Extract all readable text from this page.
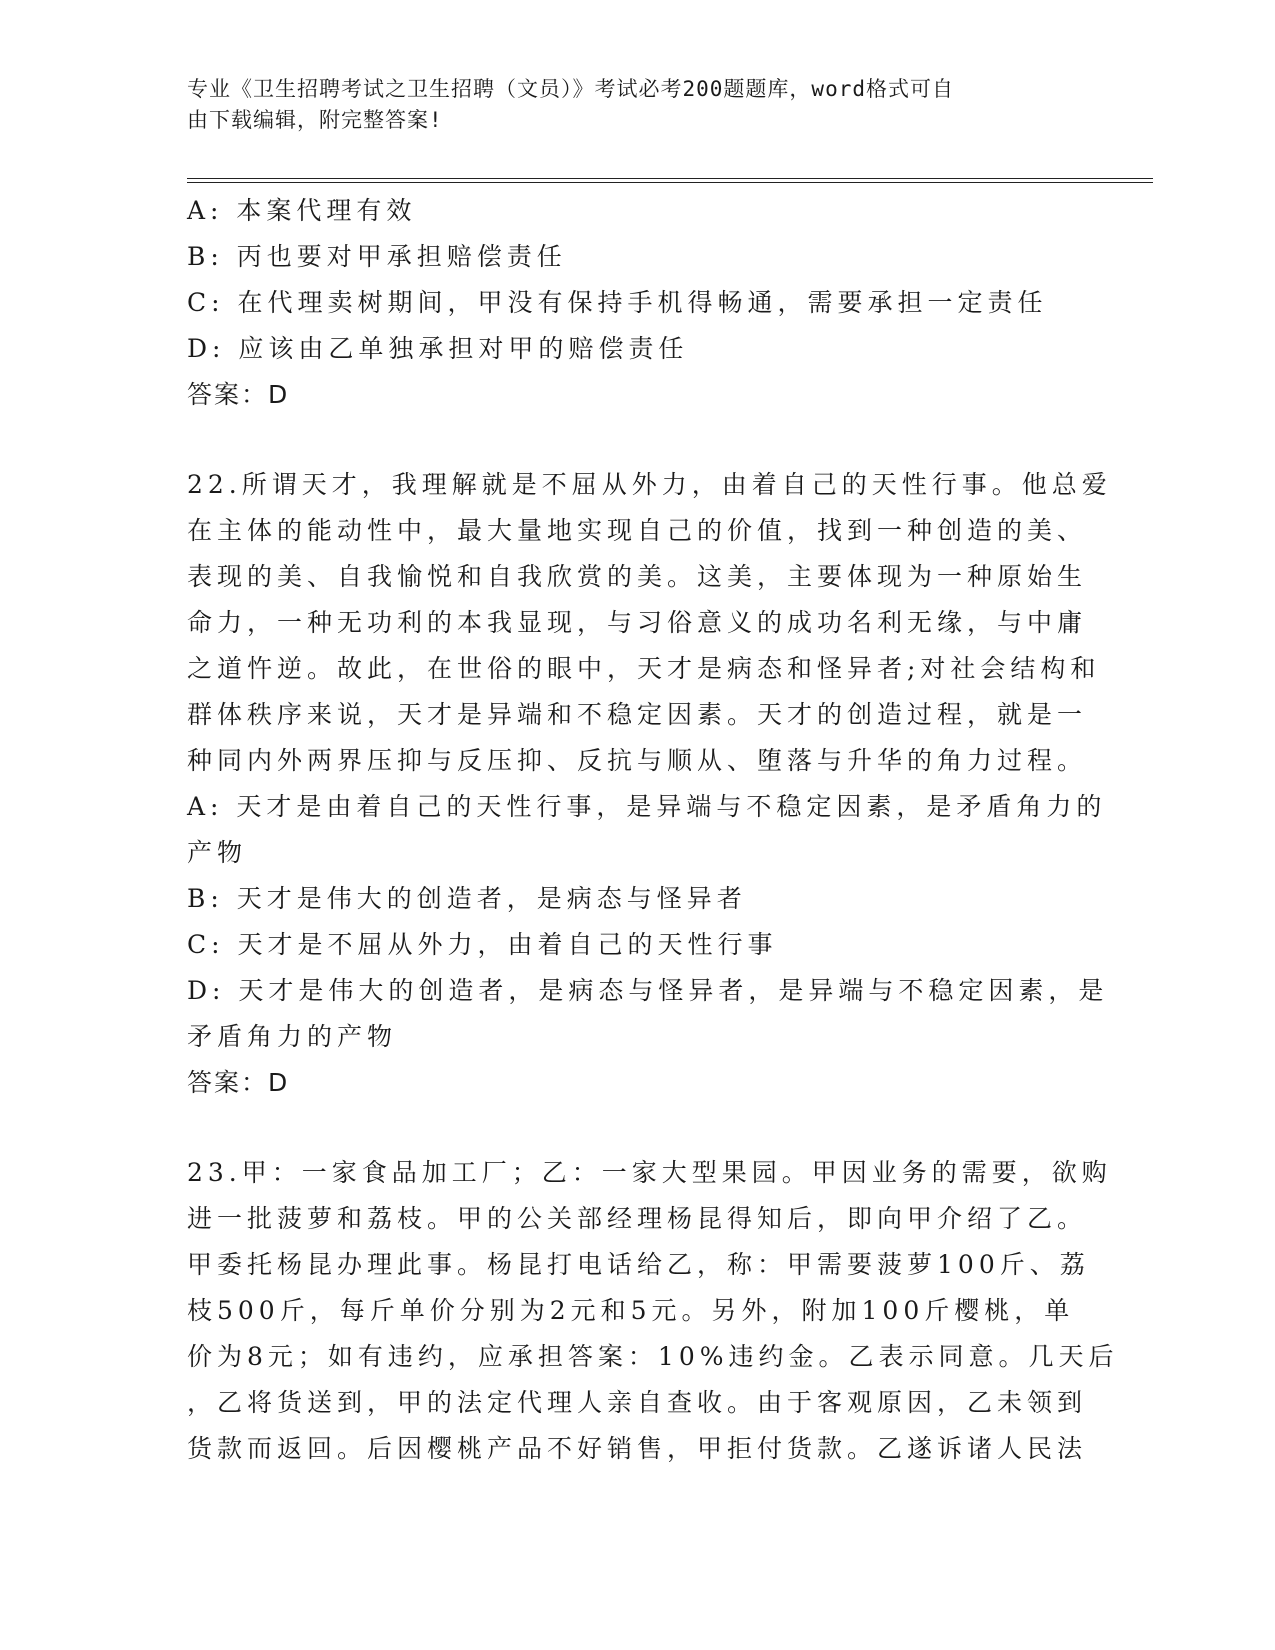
专业《卫生招聘考试之卫生招聘（文员）》考试必考200题题库，word格式可自
由下载编辑，附完整答案!
A: 本案代理有效
B: 丙也要对甲承担赔偿责任
C: 在代理卖树期间，甲没有保持手机得畅通，需要承担一定责任
D: 应该由乙单独承担对甲的赔偿责任
答案：D
22.所谓天才，我理解就是不屈从外力，由着自己的天性行事。他总爱
在主体的能动性中，最大量地实现自己的价值，找到一种创造的美、
表现的美、自我愉悦和自我欣赏的美。这美，主要体现为一种原始生
命力，一种无功利的本我显现，与习俗意义的成功名利无缘，与中庸
之道忤逆。故此，在世俗的眼中，天才是病态和怪异者;对社会结构和
群体秩序来说，天才是异端和不稳定因素。天才的创造过程，就是一
种同内外两界压抑与反压抑、反抗与顺从、堕落与升华的角力过程。
A: 天才是由着自己的天性行事，是异端与不稳定因素，是矛盾角力的
产物
B: 天才是伟大的创造者，是病态与怪异者
C: 天才是不屈从外力，由着自己的天性行事
D: 天才是伟大的创造者，是病态与怪异者，是异端与不稳定因素，是
矛盾角力的产物
答案：D
23.甲：一家食品加工厂；乙：一家大型果园。甲因业务的需要，欲购
进一批菠萝和荔枝。甲的公关部经理杨昆得知后，即向甲介绍了乙。
甲委托杨昆办理此事。杨昆打电话给乙，称：甲需要菠萝100斤、荔
枝500斤，每斤单价分别为2元和5元。另外，附加100斤樱桃，单
价为8元；如有违约，应承担答案：10%违约金。乙表示同意。几天后
，乙将货送到，甲的法定代理人亲自查收。由于客观原因，乙未领到
货款而返回。后因樱桃产品不好销售，甲拒付货款。乙遂诉诸人民法
